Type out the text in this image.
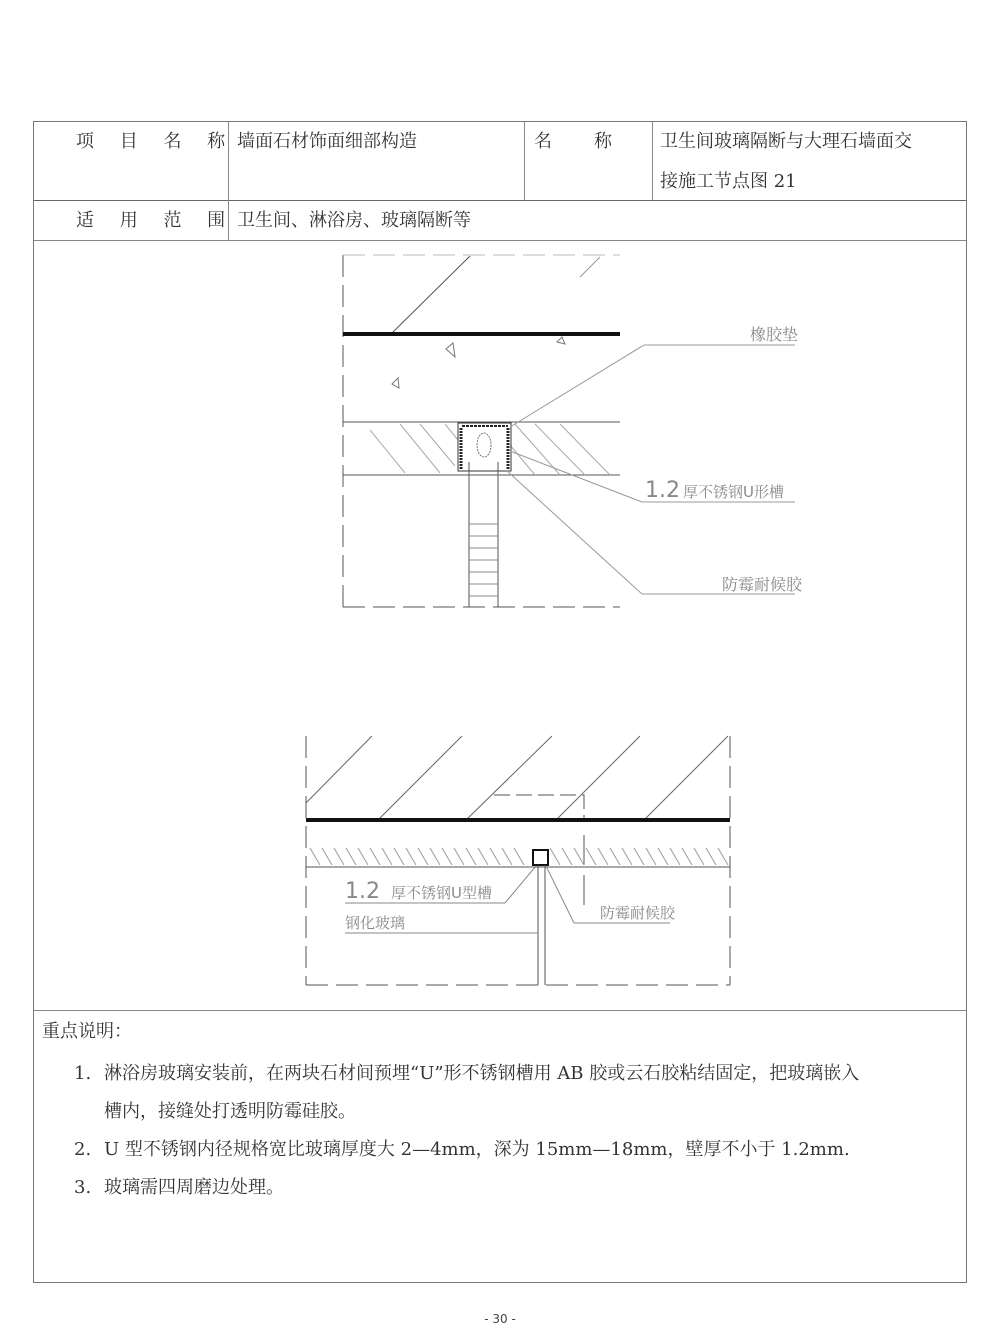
项 目 名 称 墙面石材饰面细部构造	名 称	卫生间玻璃隔断与大理石墙面交
接施工节点图 21
适 用 范 围 卫生间、淋浴房、玻璃隔断等
重点说明：
1. 淋浴房玻璃安装前，在两块石材间预埋“U”形不锈钢槽用 AB 胶或云石胶粘结固定，把玻璃嵌入
槽内，接缝处打透明防霉硅胶。
2. U 型不锈钢内径规格宽比玻璃厚度大 2—4mm，深为 15mm—18mm，壁厚不小于 1.2mm.
3. 玻璃需四周磨边处理。
橡胶垫
1.2 厚不锈钢U形槽
防霉耐候胶
1.2 厚不锈钢U型槽
钢化玻璃
防霉耐候胶
- 30 -
